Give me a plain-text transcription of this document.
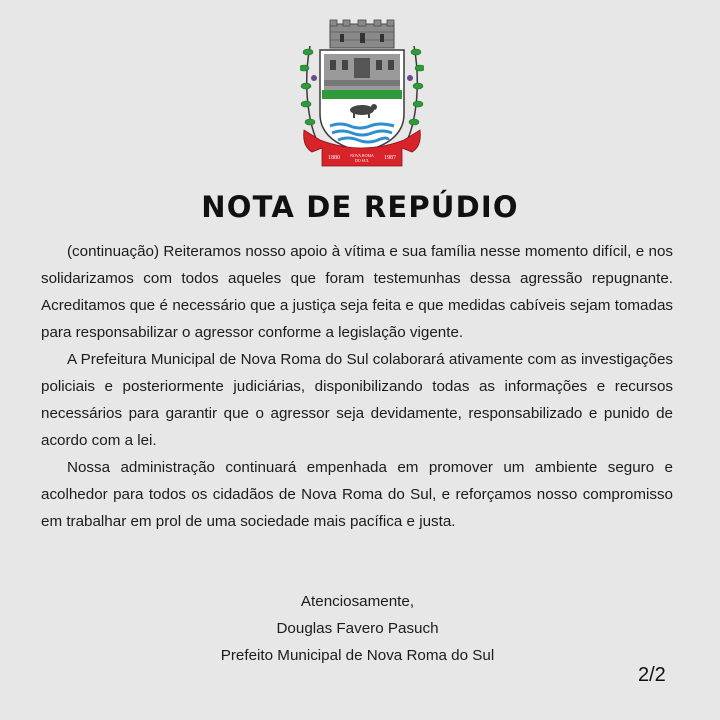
1880	1987
NOVA ROMA DO SUL
NOTA DE REPÚDIO

(continuação) Reiteramos nosso apoio à vítima e sua família nesse momento difícil, e nos solidarizamos com todos aqueles que foram testemunhas dessa agressão repugnante. Acreditamos que é necessário que a justiça seja feita e que medidas cabíveis sejam tomadas para responsabilizar o agressor conforme a legislação vigente.

A Prefeitura Municipal de Nova Roma do Sul colaborará ativamente com as investigações policiais e posteriormente judiciárias, disponibilizando todas as informações e recursos necessários para garantir que o agressor seja devidamente, responsabilizado e punido de acordo com a lei.

Nossa administração continuará empenhada em promover um ambiente seguro e acolhedor para todos os cidadãos de Nova Roma do Sul, e reforçamos nosso compromisso em trabalhar em prol de uma sociedade mais pacífica e justa.

Atenciosamente,
Douglas Favero Pasuch
Prefeito Municipal de Nova Roma do Sul
2/2
